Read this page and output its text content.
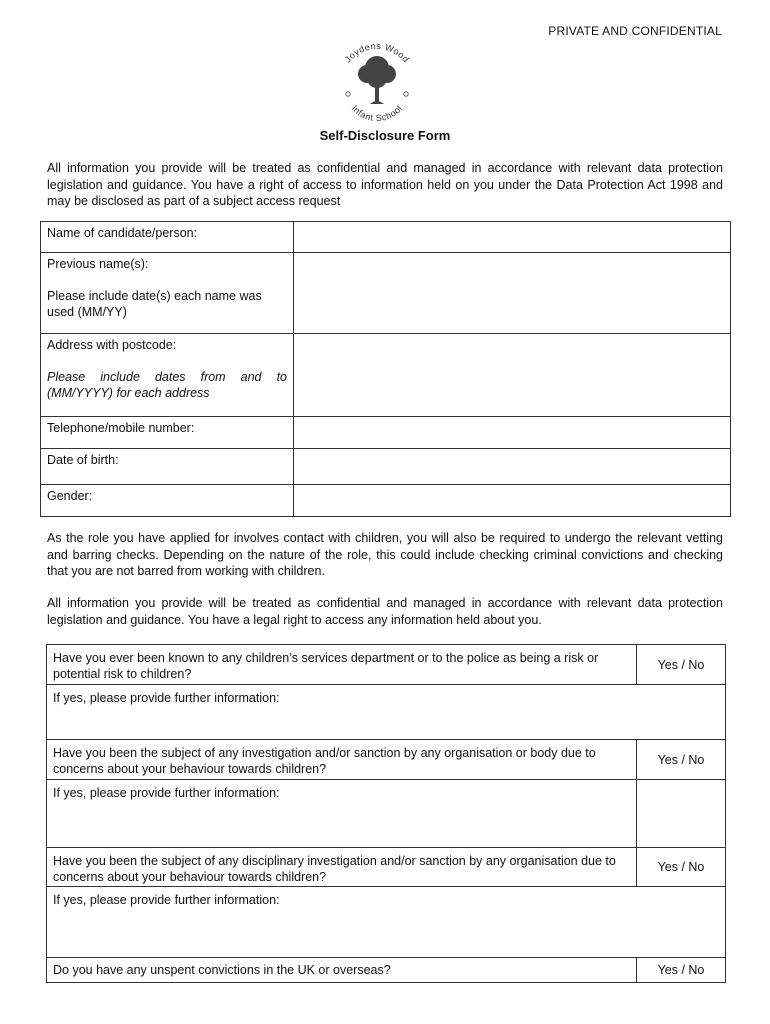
PRIVATE AND CONFIDENTIAL
Joydens Wood
Infant School
Self-Disclosure Form
All information you provide will be treated as confidential and managed in accordance with relevant data protection legislation and guidance. You have a right of access to information held on you under the Data Protection Act 1998 and may be disclosed as part of a subject access request
Name of candidate/person:	

Previous name(s):

Please include date(s) each name was used (MM/YY)	

Address with postcode:

Please include dates from and to (MM/YYYY) for each address	

Telephone/mobile number:	
Date of birth:	
Gender:	
As the role you have applied for involves contact with children, you will also be required to undergo the relevant vetting and barring checks. Depending on the nature of the role, this could include checking criminal convictions and checking that you are not barred from working with children.
All information you provide will be treated as confidential and managed in accordance with relevant data protection legislation and guidance. You have a legal right to access any information held about you.
Have you ever been known to any children’s services department or to the police as being a risk or potential risk to children?	Yes / No
If yes, please provide further information:	

Have you been the subject of any investigation and/or sanction by any organisation or body due to concerns about your behaviour towards children?	Yes / No
If yes, please provide further information:	

Have you been the subject of any disciplinary investigation and/or sanction by any organisation due to concerns about your behaviour towards children?	Yes / No
If yes, please provide further information:	

Do you have any unspent convictions in the UK or overseas?	Yes / No
